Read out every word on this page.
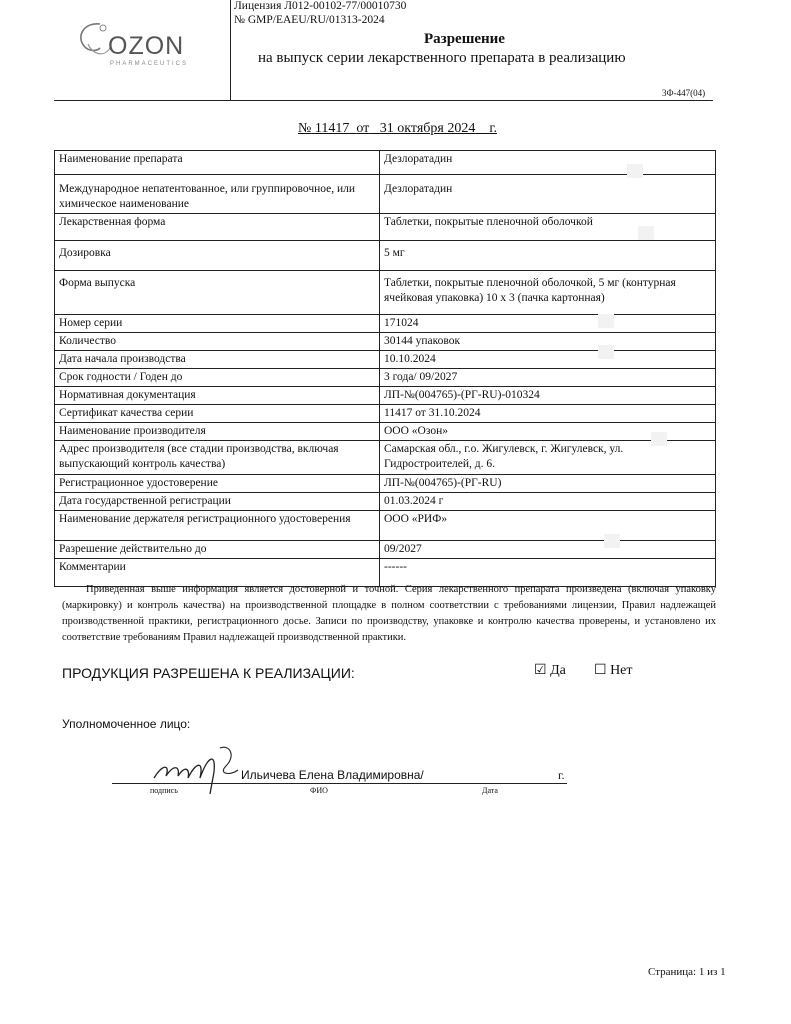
OZON
PHARMACEUTICS
Лицензия Л012-00102-77/00010730
№ GMP/EAEU/RU/01313-2024
Разрешение
на выпуск серии лекарственного препарата в реализацию
3Ф-447(04)
№ 11417 от 31 октября 2024 г.
Наименование препарата	Дезлоратадин
Международное непатентованное, или группировочное, или химическое наименование	Дезлоратадин
Лекарственная форма	Таблетки, покрытые пленочной оболочкой
Дозировка	5 мг
Форма выпуска	Таблетки, покрытые пленочной оболочкой, 5 мг (контурная ячейковая упаковка) 10 х 3 (пачка картонная)
Номер серии	171024
Количество	30144 упаковок
Дата начала производства	10.10.2024
Срок годности / Годен до	3 года/ 09/2027
Нормативная документация	ЛП-№(004765)-(РГ-RU)-010324
Сертификат качества серии	11417 от 31.10.2024
Наименование производителя	ООО «Озон»
Адрес производителя (все стадии производства, включая выпускающий контроль качества)	Самарская обл., г.о. Жигулевск, г. Жигулевск, ул. Гидростроителей, д. 6.
Регистрационное удостоверение	ЛП-№(004765)-(РГ-RU)
Дата государственной регистрации	01.03.2024 г
Наименование держателя регистрационного удостоверения	ООО «РИФ»
Разрешение действительно до	09/2027
Комментарии	------
Приведенная выше информация является достоверной и точной. Серия лекарственного препарата произведена (включая упаковку (маркировку) и контроль качества) на производственной площадке в полном соответствии с требованиями лицензии, Правил надлежащей производственной практики, регистрационного досье. Записи по производству, упаковке и контролю качества проверены, и установлено их соответствие требованиям Правил надлежащей производственной практики.
ПРОДУКЦИЯ РАЗРЕШЕНА К РЕАЛИЗАЦИИ:	☑ Да ☐ Нет
Уполномоченное лицо:
Ильичева Елена Владимировна/	г.
подпись	ФИО	Дата
Страница: 1 из 1
